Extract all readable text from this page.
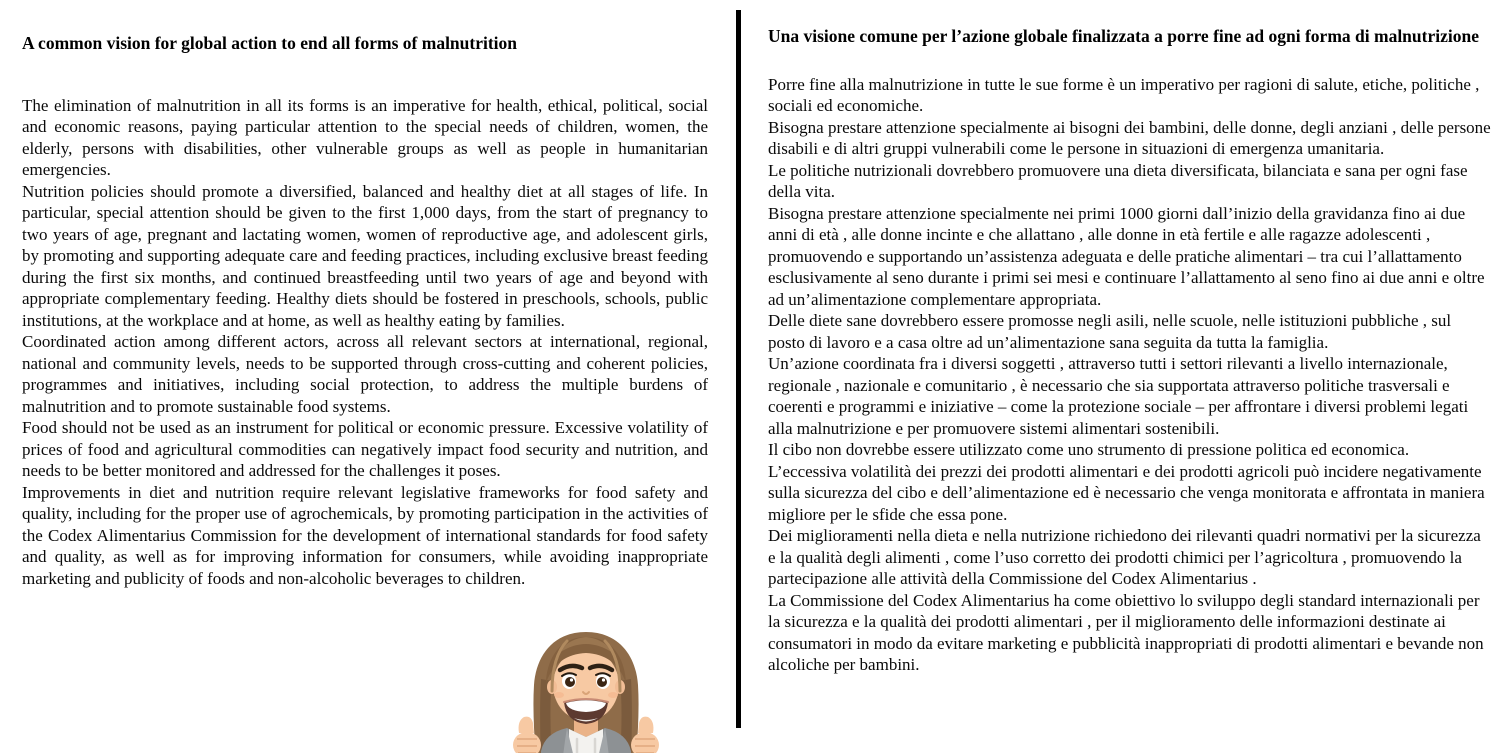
A common vision for global action to end all forms of malnutrition

The elimination of malnutrition in all its forms is an imperative for health, ethical, political, social and economic reasons, paying particular attention to the special needs of children, women, the elderly, persons with disabilities, other vulnerable groups as well as people in humanitarian emergencies.

Nutrition policies should promote a diversified, balanced and healthy diet at all stages of life. In particular, special attention should be given to the first 1,000 days, from the start of pregnancy to two years of age, pregnant and lactating women, women of reproductive age, and adolescent girls, by promoting and supporting adequate care and feeding practices, including exclusive breast feeding during the first six months, and continued breastfeeding until two years of age and beyond with appropriate complementary feeding. Healthy diets should be fostered in preschools, schools, public institutions, at the workplace and at home, as well as healthy eating by families.

Coordinated action among different actors, across all relevant sectors at international, regional, national and community levels, needs to be supported through cross-cutting and coherent policies, programmes and initiatives, including social protection, to address the multiple burdens of malnutrition and to promote sustainable food systems.

Food should not be used as an instrument for political or economic pressure. Excessive volatility of prices of food and agricultural commodities can negatively impact food security and nutrition, and needs to be better monitored and addressed for the challenges it poses.

Improvements in diet and nutrition require relevant legislative frameworks for food safety and quality, including for the proper use of agrochemicals, by promoting participation in the activities of the Codex Alimentarius Commission for the development of international standards for food safety and quality, as well as for improving information for consumers, while avoiding inappropriate marketing and publicity of foods and non-alcoholic beverages to children.

Una visione comune per l’azione globale finalizzata a porre fine ad ogni forma di malnutrizione

Porre fine alla malnutrizione in tutte le sue forme è un imperativo per ragioni di salute, etiche, politiche , sociali ed economiche.

Bisogna prestare attenzione specialmente ai bisogni dei bambini, delle donne, degli anziani , delle persone disabili e di altri gruppi vulnerabili come le persone in situazioni di emergenza umanitaria.

Le politiche nutrizionali dovrebbero promuovere una dieta diversificata, bilanciata e sana per ogni fase della vita.

Bisogna prestare attenzione specialmente nei primi 1000 giorni dall’inizio della gravidanza fino ai due anni di età , alle donne incinte e che allattano , alle donne in età fertile e alle ragazze adolescenti , promuovendo e supportando un’assistenza adeguata e delle pratiche alimentari – tra cui l’allattamento esclusivamente al seno durante i primi sei mesi e continuare l’allattamento al seno fino ai due anni e oltre ad un’alimentazione complementare appropriata.

Delle diete sane dovrebbero essere promosse negli asili, nelle scuole, nelle istituzioni pubbliche , sul posto di lavoro e a casa oltre ad un’alimentazione sana seguita da tutta la famiglia.

Un’azione coordinata fra i diversi soggetti , attraverso tutti i settori rilevanti a livello internazionale, regionale , nazionale e comunitario , è necessario che sia supportata attraverso politiche trasversali e coerenti e programmi e iniziative – come la protezione sociale – per affrontare i diversi problemi legati alla malnutrizione e per promuovere sistemi alimentari sostenibili.

Il cibo non dovrebbe essere utilizzato come uno strumento di pressione politica ed economica.

L’eccessiva volatilità dei prezzi dei prodotti alimentari e dei prodotti agricoli può incidere negativamente sulla sicurezza del cibo e dell’alimentazione ed è necessario che venga monitorata e affrontata in maniera migliore per le sfide che essa pone.

Dei miglioramenti nella dieta e nella nutrizione richiedono dei rilevanti quadri normativi per la sicurezza e la qualità degli alimenti , come l’uso corretto dei prodotti chimici per l’agricoltura , promuovendo la partecipazione alle attività della Commissione del Codex Alimentarius .

La Commissione del Codex Alimentarius ha come obiettivo lo sviluppo degli standard internazionali per la sicurezza e la qualità dei prodotti alimentari , per il miglioramento delle informazioni destinate ai consumatori in modo da evitare marketing e pubblicità inappropriati di prodotti alimentari e bevande non alcoliche per bambini.
